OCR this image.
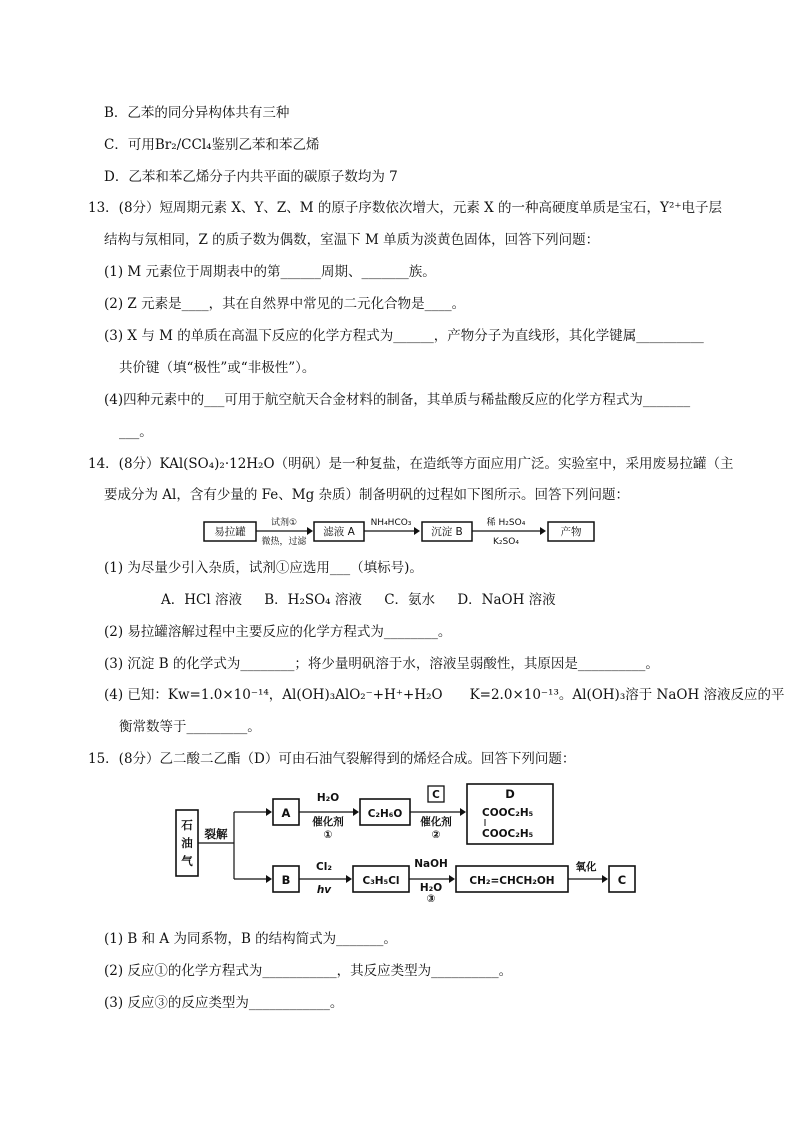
B．乙苯的同分异构体共有三种
C．可用Br₂/CCl₄鉴别乙苯和苯乙烯
D．乙苯和苯乙烯分子内共平面的碳原子数均为 7
13．(8分）短周期元素 X、Y、Z、M 的原子序数依次增大，元素 X 的一种高硬度单质是宝石，Y²⁺电子层
结构与氖相同，Z 的质子数为偶数，室温下 M 单质为淡黄色固体，回答下列问题：
(1) M 元素位于周期表中的第______周期、_______族。
(2) Z 元素是____，其在自然界中常见的二元化合物是____。
(3) X 与 M 的单质在高温下反应的化学方程式为______，产物分子为直线形，其化学键属__________
共价键（填“极性”或“非极性”）。
(4)四种元素中的___可用于航空航天合金材料的制备，其单质与稀盐酸反应的化学方程式为_______
___。
14．(8分）KAl(SO₄)₂·12H₂O（明矾）是一种复盐，在造纸等方面应用广泛。实验室中，采用废易拉罐（主
要成分为 Al，含有少量的 Fe、Mg 杂质）制备明矾的过程如下图所示。回答下列问题：
易拉罐
试剂①
微热，过滤
滤液 A
NH₄HCO₃
沉淀 B
稀 H₂SO₄
K₂SO₄
产物
(1) 为尽量少引入杂质，试剂①应选用___（填标号)。
A．HCl 溶液 B．H₂SO₄ 溶液 C．氨水 D．NaOH 溶液
(2) 易拉罐溶解过程中主要反应的化学方程式为________。
(3) 沉淀 B 的化学式为________；将少量明矾溶于水，溶液呈弱酸性，其原因是__________。
(4) 已知：Kw=1.0×10⁻¹⁴，Al(OH)₃AlO₂⁻+H⁺+H₂O　　K=2.0×10⁻¹³。Al(OH)₃溶于 NaOH 溶液反应的平
衡常数等于_________。
15．(8分）乙二酸二乙酯（D）可由石油气裂解得到的烯烃合成。回答下列问题：
石
油
气
裂解
A
H₂O
催化剂
①
C₂H₆O
C
催化剂
②
D
COOC₂H₅
COOC₂H₅
B
Cl₂
hv
C₃H₅Cl
NaOH
H₂O
③
CH₂=CHCH₂OH
氧化
C
(1) B 和 A 为同系物，B 的结构简式为_______。
(2) 反应①的化学方程式为___________，其反应类型为__________。
(3) 反应③的反应类型为____________。
